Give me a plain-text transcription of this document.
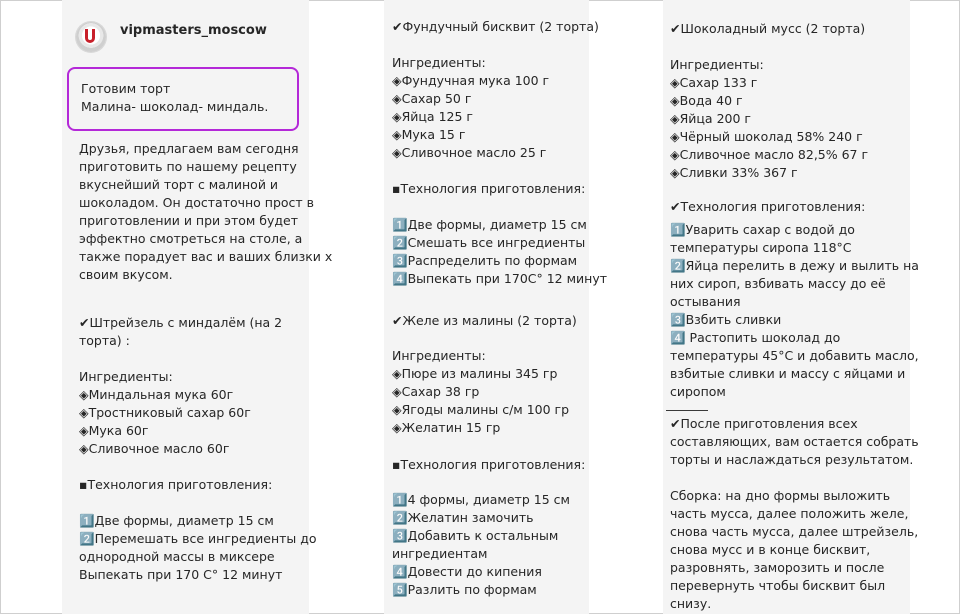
vipmasters_moscow
Готовим торт
Малина- шоколад- миндаль.
Друзья, предлагаем вам сегодня
приготовить по нашему рецепту
вкуснейший торт с малиной и
шоколадом. Он достаточно прост в
приготовлении и при этом будет
эффектно смотреться на столе, а
также порадует вас и ваших близки х
своим вкусом.
✔Штрейзель с миндалём (на 2
торта) :
Ингредиенты:
◈Миндальная мука 60г
◈Тростниковый сахар 60г
◈Мука 60г
◈Сливочное масло 60г
▪Технология приготовления:
1️⃣Две формы, диаметр 15 см
2️⃣Перемешать все ингредиенты до
однородной массы в миксере
Выпекать при 170 С° 12 минут
✔Фундучный бисквит (2 торта)
Ингредиенты:
◈Фундучная мука 100 г
◈Сахар 50 г
◈Яйца 125 г
◈Мука 15 г
◈Сливочное масло 25 г
▪Технология приготовления:
1️⃣Две формы, диаметр 15 см
2️⃣Смешать все ингредиенты
3️⃣Распределить по формам
4️⃣Выпекать при 170С° 12 минут
✔Желе из малины (2 торта)
Ингредиенты:
◈Пюре из малины 345 гр
◈Сахар 38 гр
◈Ягоды малины с/м 100 гр
◈Желатин 15 гр
▪Технология приготовления:
1️⃣4 формы, диаметр 15 см
2️⃣Желатин замочить
3️⃣Добавить к остальным
ингредиентам
4️⃣Довести до кипения
5️⃣Разлить по формам
✔Шоколадный мусс (2 торта)
Ингредиенты:
◈Сахар 133 г
◈Вода 40 г
◈Яйца 200 г
◈Чёрный шоколад 58% 240 г
◈Сливочное масло 82,5% 67 г
◈Сливки 33% 367 г
✔Технология приготовления:
1️⃣Уварить сахар с водой до
температуры сиропа 118°С
2️⃣Яйца перелить в дежу и вылить на
них сироп, взбивать массу до её
остывания
3️⃣Взбить сливки
4️⃣ Растопить шоколад до
температуры 45°С и добавить масло,
взбитые сливки и массу с яйцами и
сиропом
✔После приготовления всех
составляющих, вам остается собрать
торты и наслаждаться результатом.
Сборка: на дно формы выложить
часть мусса, далее положить желе,
снова часть мусса, далее штрейзель,
снова мусс и в конце бисквит,
разровнять, заморозить и после
перевернуть чтобы бисквит был
снизу.
